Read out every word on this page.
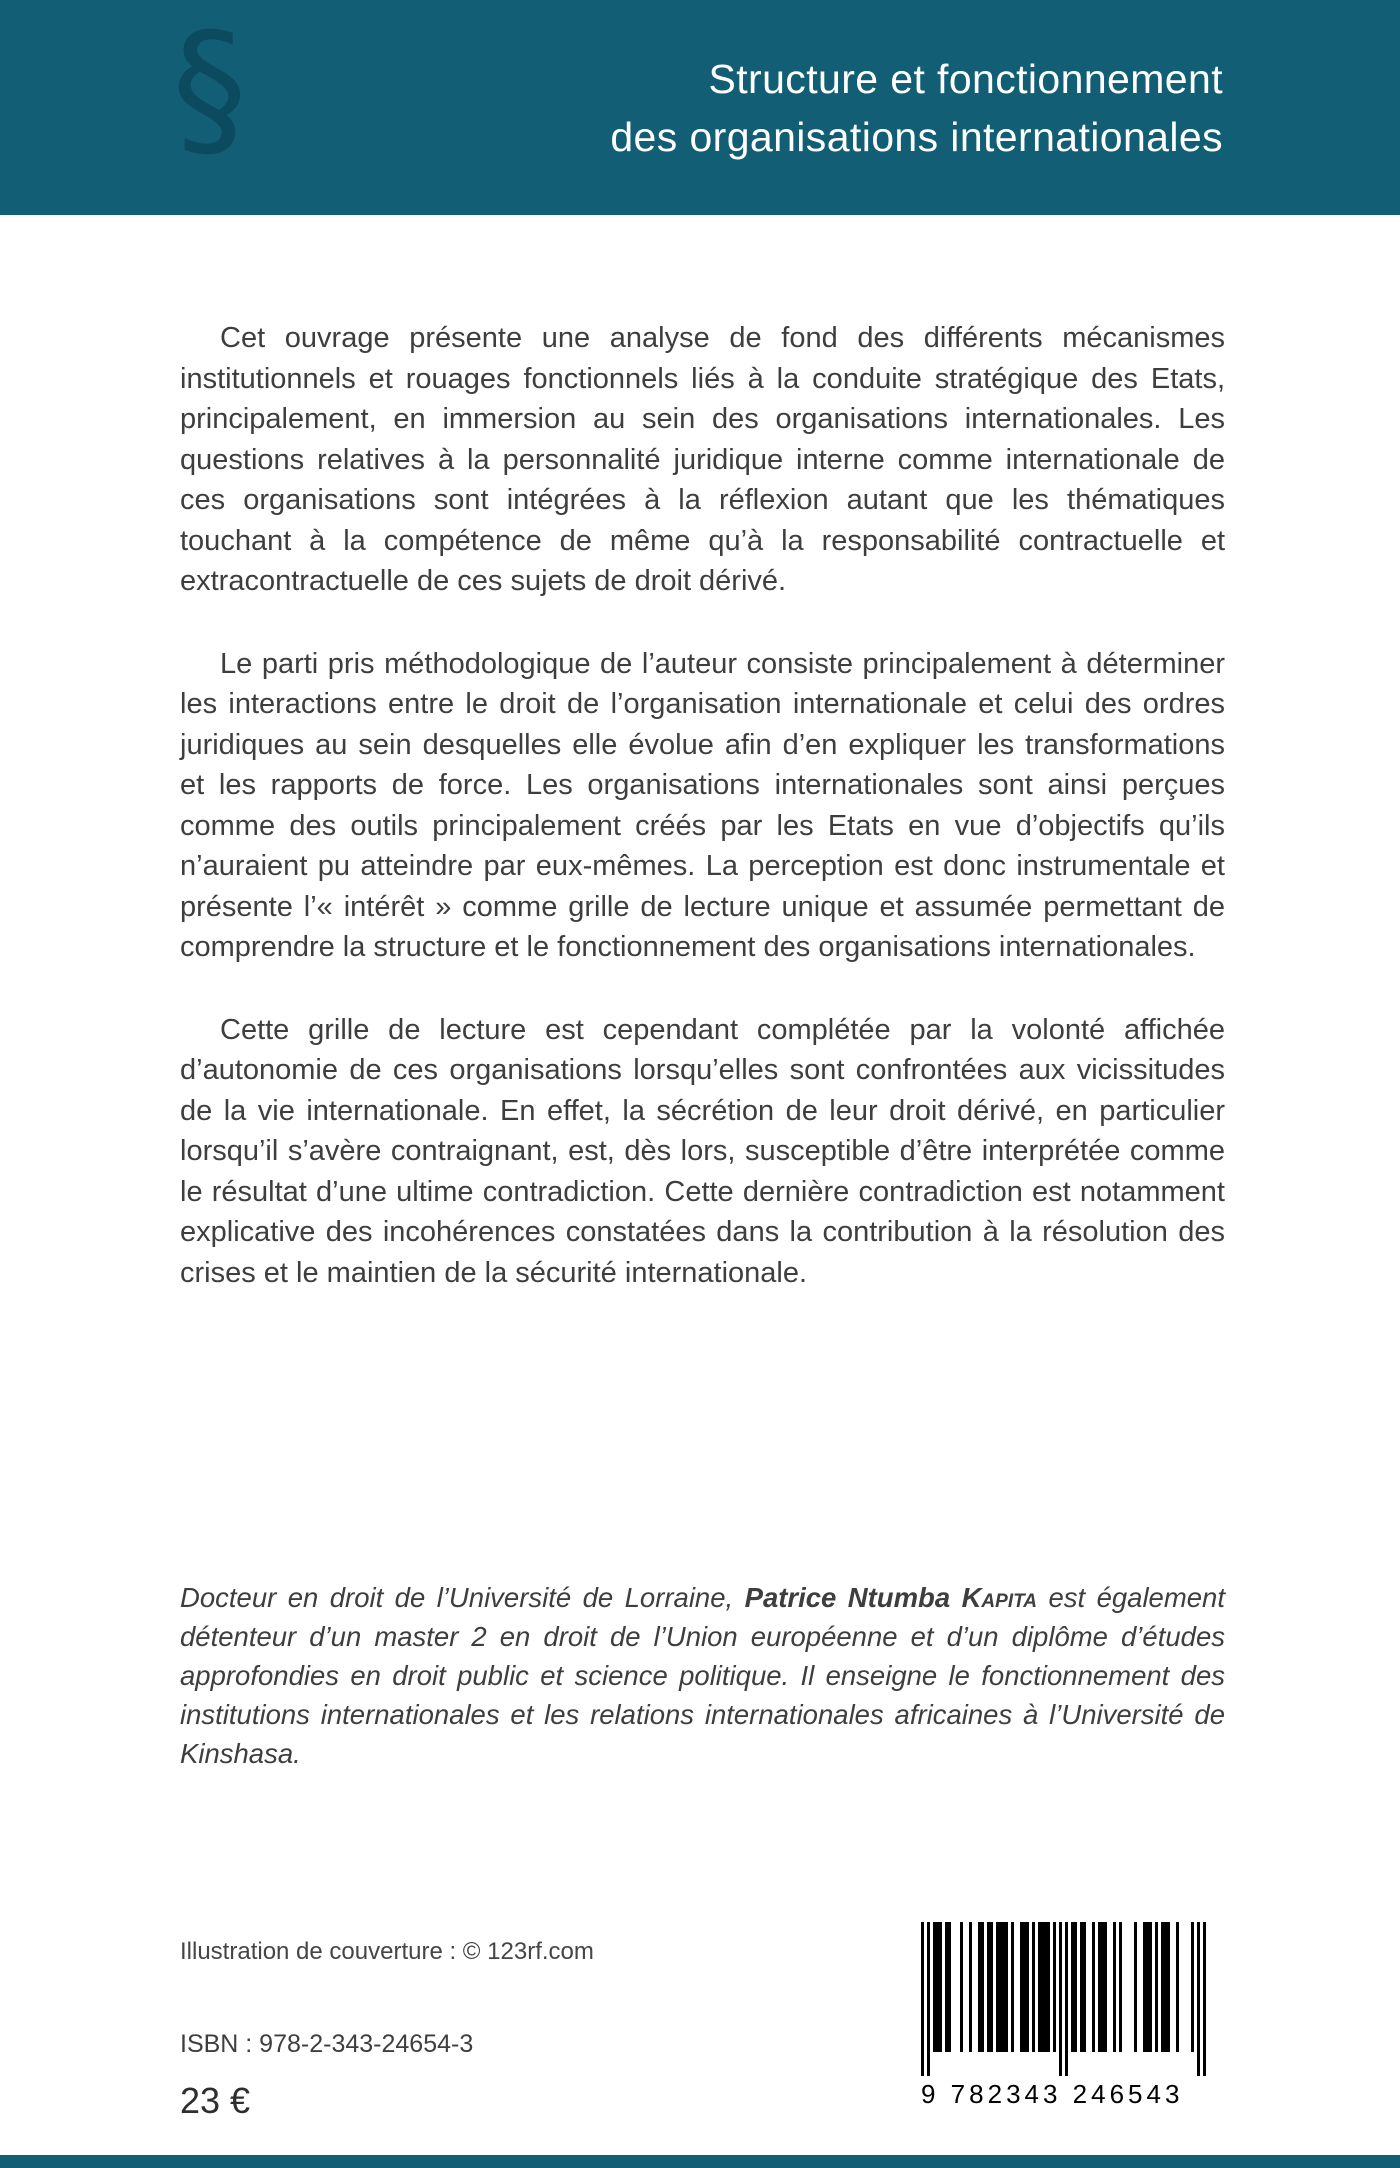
§	Structure et fonctionnement
des organisations internationales

Cet ouvrage présente une analyse de fond des différents mécanismes institutionnels et rouages fonctionnels liés à la conduite stratégique des Etats, principalement, en immersion au sein des organisations internationales. Les questions relatives à la personnalité juridique interne comme internationale de ces organisations sont intégrées à la réflexion autant que les thématiques touchant à la compétence de même qu’à la responsabilité contractuelle et extracontractuelle de ces sujets de droit dérivé.

Le parti pris méthodologique de l’auteur consiste principalement à déterminer les interactions entre le droit de l’organisation internationale et celui des ordres juridiques au sein desquelles elle évolue afin d’en expliquer les transformations et les rapports de force. Les organisations internationales sont ainsi perçues comme des outils principalement créés par les Etats en vue d’objectifs qu’ils n’auraient pu atteindre par eux-mêmes. La perception est donc instrumentale et présente l’« intérêt » comme grille de lecture unique et assumée permettant de comprendre la structure et le fonctionnement des organisations internationales.

Cette grille de lecture est cependant complétée par la volonté affichée d’autonomie de ces organisations lorsqu’elles sont confrontées aux vicissitudes de la vie internationale. En effet, la sécrétion de leur droit dérivé, en particulier lorsqu’il s’avère contraignant, est, dès lors, susceptible d’être interprétée comme le résultat d’une ultime contradiction. Cette dernière contradiction est notamment explicative des incohérences constatées dans la contribution à la résolution des crises et le maintien de la sécurité internationale.

Docteur en droit de l’Université de Lorraine, Patrice Ntumba Kapita est également détenteur d’un master 2 en droit de l’Union européenne et d’un diplôme d’études approfondies en droit public et science politique. Il enseigne le fonctionnement des institutions internationales et les relations internationales africaines à l’Université de Kinshasa.
Illustration de couverture : © 123rf.com
ISBN : 978-2-343-24654-3
23 €	9 782343 246543
